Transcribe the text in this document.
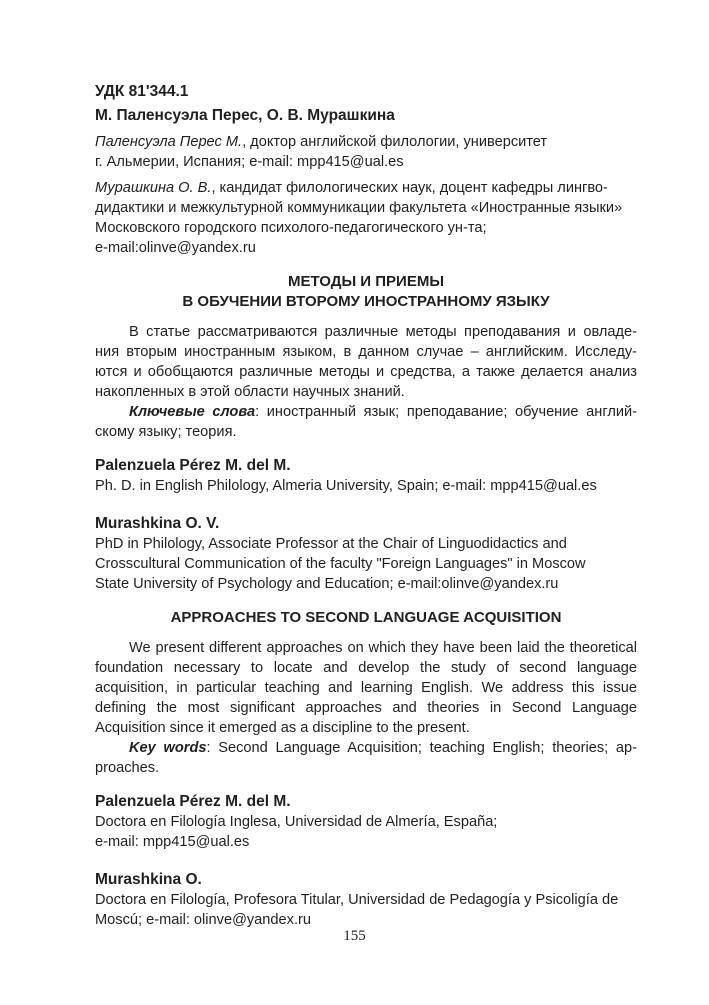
УДК 81'344.1
М. Паленсуэла Перес, О. В. Мурашкина
Паленсуэла Перес М., доктор английской филологии, университет
г. Альмерии, Испания; e-mail: mpp415@ual.es
Мурашкина О. В., кандидат филологических наук, доцент кафедры лингво-
дидактики и межкультурной коммуникации факультета «Иностранные языки»
Московского городского психолого-педагогического ун-та;
e-mail:olinve@yandex.ru
МЕТОДЫ И ПРИЕМЫ
В ОБУЧЕНИИ ВТОРОМУ ИНОСТРАННОМУ ЯЗЫКУ
В статье рассматриваются различные методы преподавания и овладе-
ния вторым иностранным языком, в данном случае – английским. Исследу-
ются и обобщаются различные методы и средства, а также делается анализ
накопленных в этой области научных знаний.
Ключевые слова: иностранный язык; преподавание; обучение англий-
скому языку; теория.
Palenzuela Pérez M. del M.
Ph. D. in English Philology, Almeria University, Spain; e-mail: mpp415@ual.es
Murashkina O. V.
PhD in Philology, Associate Professor at the Chair of Linguodidactics and
Crosscultural Communication of the faculty "Foreign Languages" in Moscow
State University of Psychology and Education; e-mail:olinve@yandex.ru
APPROACHES TO SECOND LANGUAGE ACQUISITION
We present different approaches on which they have been laid the theoretical
foundation necessary to locate and develop the study of second language
acquisition, in particular teaching and learning English. We address this issue
defining the most significant approaches and theories in Second Language
Acquisition since it emerged as a discipline to the present.
Key words: Second Language Acquisition; teaching English; theories; ap-
proaches.
Palenzuela Pérez M. del M.
Doctora en Filología Inglesa, Universidad de Almería, España;
e-mail: mpp415@ual.es
Murashkina O.
Doctora en Filología, Profesora Titular, Universidad de Pedagogía y Psicoligía de
Moscú; e-mail: olinve@yandex.ru
155
